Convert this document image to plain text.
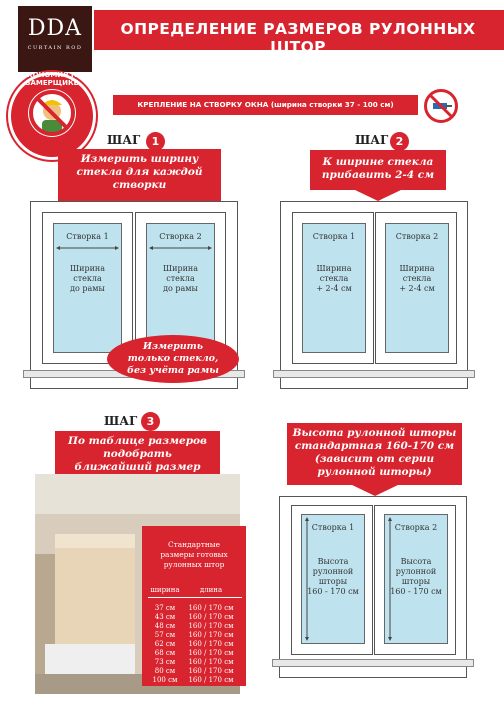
DDA
CURTAIN ROD
ОПРЕДЕЛЕНИЕ РАЗМЕРОВ РУЛОННЫХ ШТОР
ЭКОНОМИЯ НА ЗАМЕРЩИКЕ
КРЕПЛЕНИЕ НА СТВОРКУ ОКНА (ширина створки 37 - 100 см)
ШАГ	1
Измерить ширину
стекла для каждой
створки
Створка 1
Ширина
стекла
до рамы
Створка 2
Ширина
стекла
до рамы
Измерить
только стекло,
без учёта рамы
ШАГ 2
К ширине стекла
прибавить 2-4 см
Створка 1
Ширина
стекла
+ 2-4 см
Створка 2
Ширина
стекла
+ 2-4 см
ШАГ 3
По таблице размеров
подобрать
ближайший размер
Стандартные
размеры готовых
рулонных штор
ширина	длина
37 см 160 / 170 см
43 см 160 / 170 см
48 см 160 / 170 см
57 см 160 / 170 см
62 см 160 / 170 см
68 см 160 / 170 см
73 см 160 / 170 см
80 см 160 / 170 см
100 см 160 / 170 см
Высота рулонной шторы
стандартная 160-170 см
(зависит от серии
рулонной шторы)
Створка 1
Высота
рулонной
шторы
160 - 170 см
Створка 2
Высота
рулонной
шторы
160 - 170 см
